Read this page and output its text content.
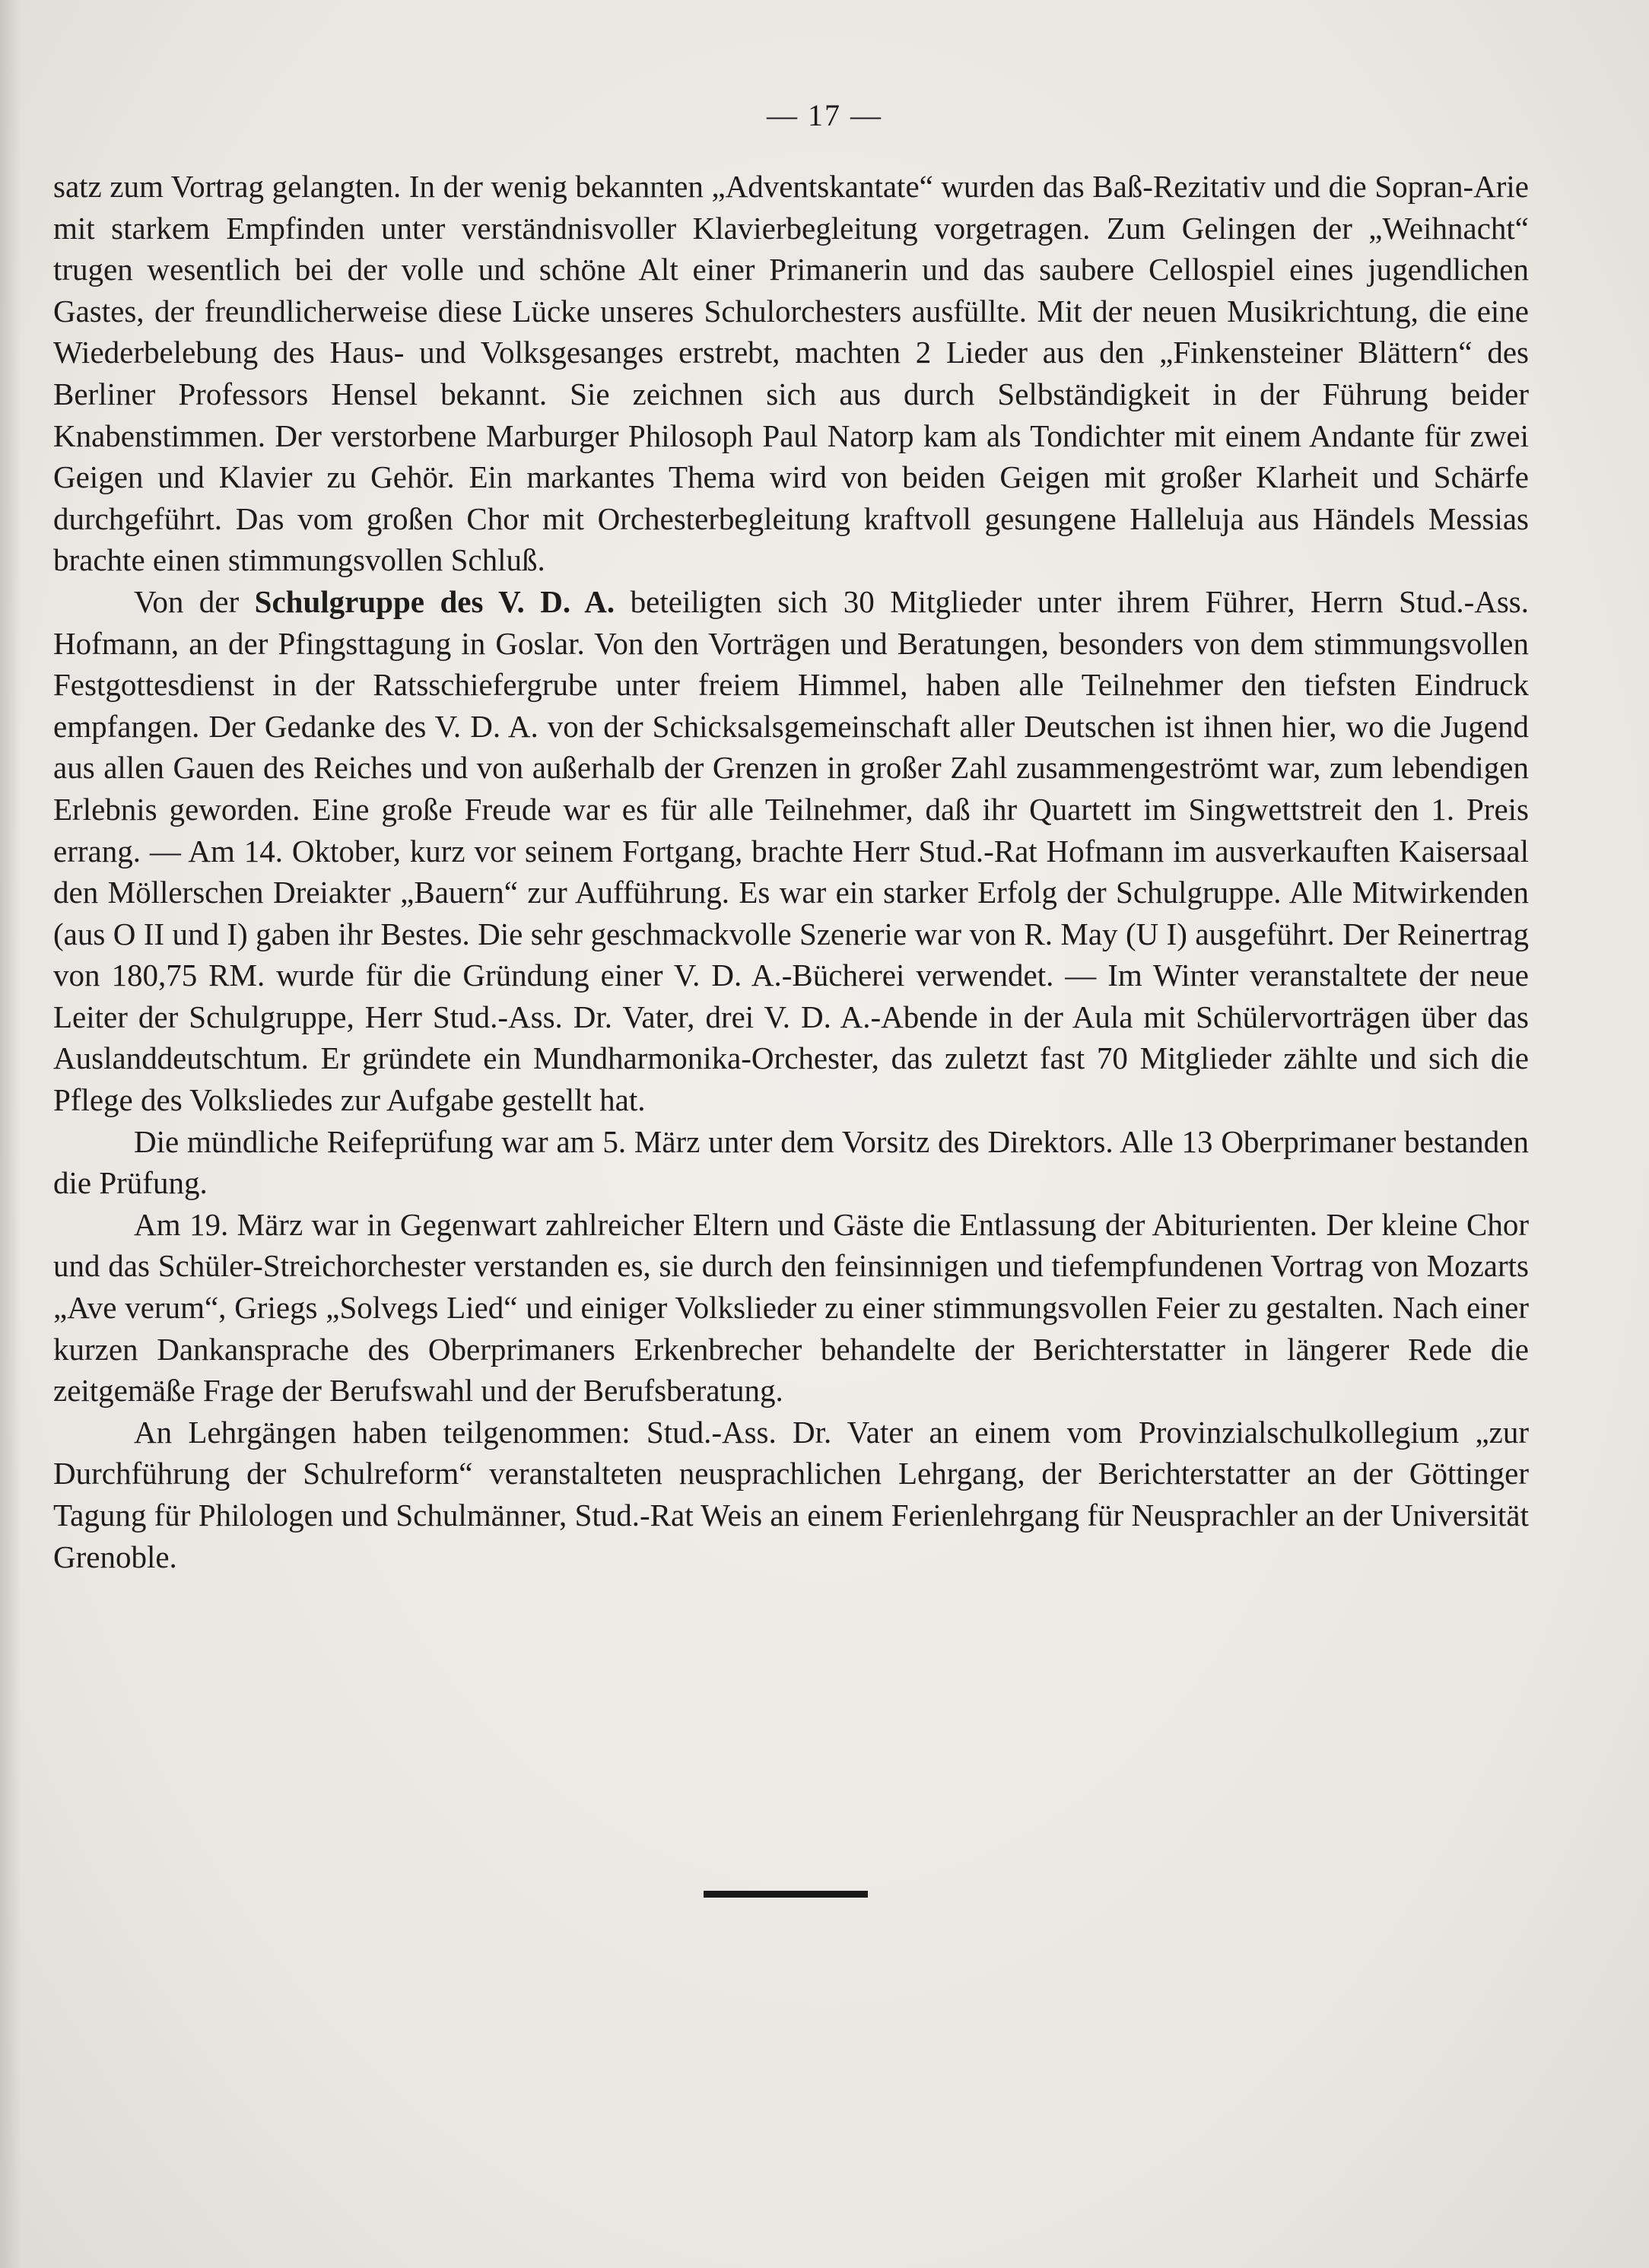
— 17 —

satz zum Vortrag gelangten. In der wenig bekannten „Adventskantate“ wurden das Baß-Rezitativ und die Sopran-Arie mit starkem Empfinden unter verständnisvoller Klavierbegleitung vorgetragen. Zum Gelingen der „Weihnacht“ trugen wesentlich bei der volle und schöne Alt einer Primanerin und das saubere Cellospiel eines jugendlichen Gastes, der freundlicherweise diese Lücke unseres Schulorchesters ausfüllte. Mit der neuen Musikrichtung, die eine Wiederbelebung des Haus- und Volksgesanges erstrebt, machten 2 Lieder aus den „Finkensteiner Blättern“ des Berliner Professors Hensel bekannt. Sie zeichnen sich aus durch Selbständigkeit in der Führung beider Knabenstimmen. Der verstorbene Marburger Philosoph Paul Natorp kam als Tondichter mit einem Andante für zwei Geigen und Klavier zu Gehör. Ein markantes Thema wird von beiden Geigen mit großer Klarheit und Schärfe durchgeführt. Das vom großen Chor mit Orchesterbegleitung kraftvoll gesungene Halleluja aus Händels Messias brachte einen stimmungsvollen Schluß.

Von der Schulgruppe des V. D. A. beteiligten sich 30 Mitglieder unter ihrem Führer, Herrn Stud.-Ass. Hofmann, an der Pfingsttagung in Goslar. Von den Vorträgen und Beratungen, besonders von dem stimmungsvollen Festgottesdienst in der Ratsschiefergrube unter freiem Himmel, haben alle Teilnehmer den tiefsten Eindruck empfangen. Der Gedanke des V. D. A. von der Schicksalsgemeinschaft aller Deutschen ist ihnen hier, wo die Jugend aus allen Gauen des Reiches und von außerhalb der Grenzen in großer Zahl zusammengeströmt war, zum lebendigen Erlebnis geworden. Eine große Freude war es für alle Teilnehmer, daß ihr Quartett im Singwettstreit den 1. Preis errang. — Am 14. Oktober, kurz vor seinem Fortgang, brachte Herr Stud.-Rat Hofmann im ausverkauften Kaisersaal den Möllerschen Dreiakter „Bauern“ zur Aufführung. Es war ein starker Erfolg der Schulgruppe. Alle Mitwirkenden (aus O II und I) gaben ihr Bestes. Die sehr geschmackvolle Szenerie war von R. May (U I) ausgeführt. Der Reinertrag von 180,75 RM. wurde für die Gründung einer V. D. A.-Bücherei verwendet. — Im Winter veranstaltete der neue Leiter der Schulgruppe, Herr Stud.-Ass. Dr. Vater, drei V. D. A.-Abende in der Aula mit Schülervorträgen über das Auslanddeutschtum. Er gründete ein Mundharmonika-Orchester, das zuletzt fast 70 Mitglieder zählte und sich die Pflege des Volksliedes zur Aufgabe gestellt hat.

Die mündliche Reifeprüfung war am 5. März unter dem Vorsitz des Direktors. Alle 13 Oberprimaner bestanden die Prüfung.

Am 19. März war in Gegenwart zahlreicher Eltern und Gäste die Entlassung der Abiturienten. Der kleine Chor und das Schüler-Streichorchester verstanden es, sie durch den feinsinnigen und tiefempfundenen Vortrag von Mozarts „Ave verum“, Griegs „Solvegs Lied“ und einiger Volkslieder zu einer stimmungsvollen Feier zu gestalten. Nach einer kurzen Dankansprache des Oberprimaners Erkenbrecher behandelte der Berichterstatter in längerer Rede die zeitgemäße Frage der Berufswahl und der Berufsberatung.

An Lehrgängen haben teilgenommen: Stud.-Ass. Dr. Vater an einem vom Provinzialschulkollegium „zur Durchführung der Schulreform“ veranstalteten neusprachlichen Lehrgang, der Berichterstatter an der Göttinger Tagung für Philologen und Schulmänner, Stud.-Rat Weis an einem Ferienlehrgang für Neusprachler an der Universität Grenoble.
